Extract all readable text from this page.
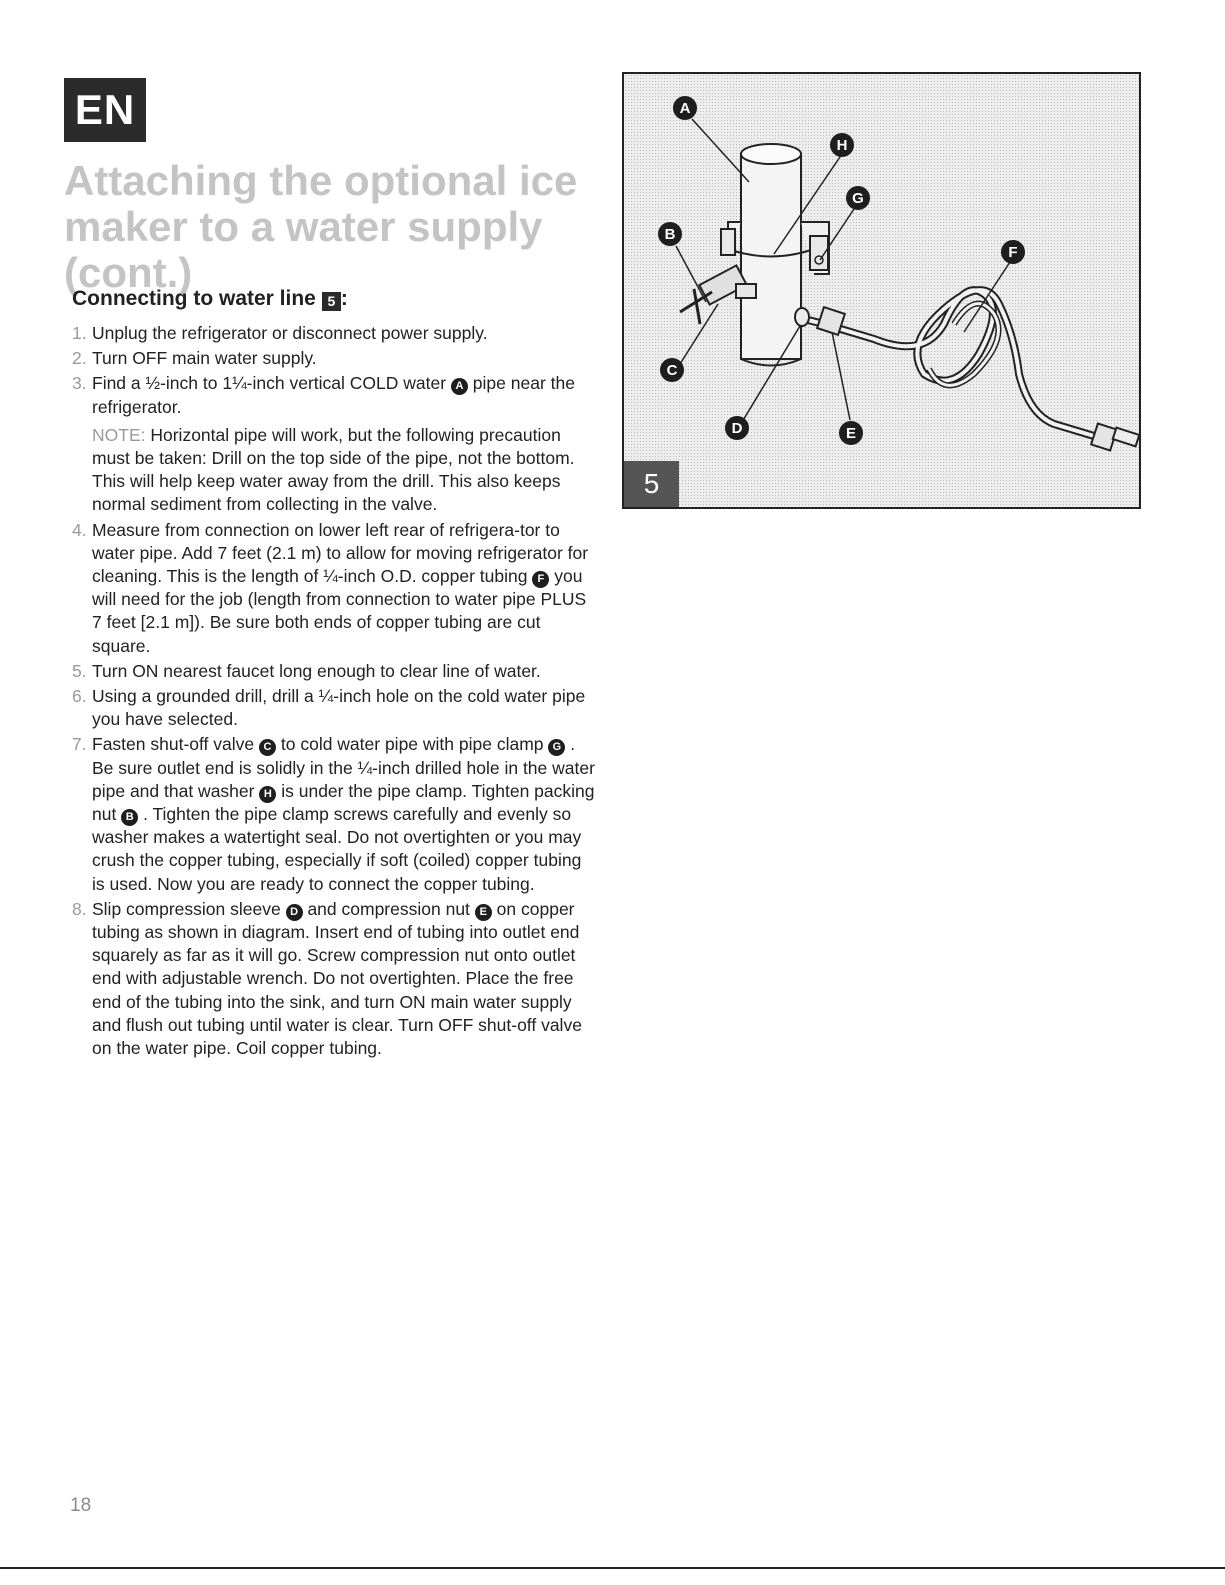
EN
Attaching the optional ice maker to a water supply (cont.)
Connecting to water line 5 :
1. Unplug the refrigerator or disconnect power supply.
2. Turn OFF main water supply.
3. Find a ½-inch to 1¼-inch vertical COLD water A pipe near the refrigerator.
NOTE: Horizontal pipe will work, but the following precaution must be taken: Drill on the top side of the pipe, not the bottom. This will help keep water away from the drill. This also keeps normal sediment from collecting in the valve.
4. Measure from connection on lower left rear of refrigera-tor to water pipe. Add 7 feet (2.1 m) to allow for moving refrigerator for cleaning. This is the length of ¼-inch O.D. copper tubing F you will need for the job (length from connection to water pipe PLUS 7 feet [2.1 m]). Be sure both ends of copper tubing are cut square.
5. Turn ON nearest faucet long enough to clear line of water.
6. Using a grounded drill, drill a ¼-inch hole on the cold water pipe you have selected.
7. Fasten shut-off valve C to cold water pipe with pipe clamp G . Be sure outlet end is solidly in the ¼-inch drilled hole in the water pipe and that washer H is under the pipe clamp. Tighten packing nut B . Tighten the pipe clamp screws carefully and evenly so washer makes a watertight seal. Do not overtighten or you may crush the copper tubing, especially if soft (coiled) copper tubing is used. Now you are ready to connect the copper tubing.
8. Slip compression sleeve D and compression nut E on copper tubing as shown in diagram. Insert end of tubing into outlet end squarely as far as it will go. Screw compression nut onto outlet end with adjustable wrench. Do not overtighten. Place the free end of the tubing into the sink, and turn ON main water supply and flush out tubing until water is clear. Turn OFF shut-off valve on the water pipe. Coil copper tubing.
A
H
G
B
F
C
D	E
5
18
